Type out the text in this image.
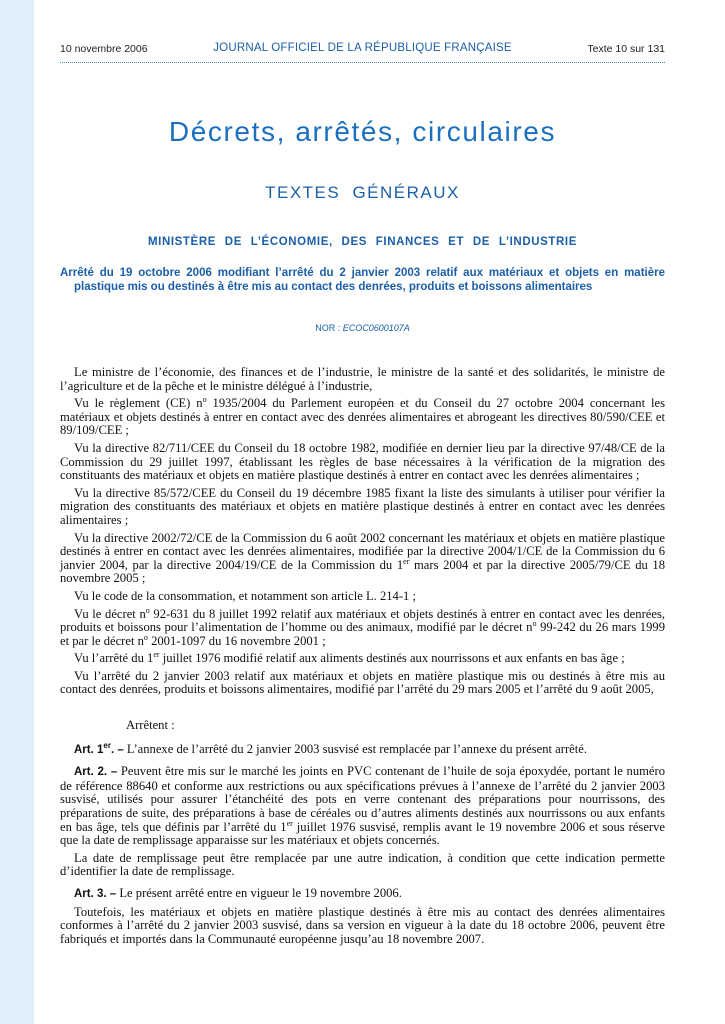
10 novembre 2006	JOURNAL OFFICIEL DE LA RÉPUBLIQUE FRANÇAISE	Texte 10 sur 131
Décrets, arrêtés, circulaires
TEXTES GÉNÉRAUX
MINISTÈRE DE L’ÉCONOMIE, DES FINANCES ET DE L’INDUSTRIE
Arrêté du 19 octobre 2006 modifiant l’arrêté du 2 janvier 2003 relatif aux matériaux et objets en matière plastique mis ou destinés à être mis au contact des denrées, produits et boissons alimentaires
NOR : ECOC0600107A

Le ministre de l’économie, des finances et de l’industrie, le ministre de la santé et des solidarités, le ministre de l’agriculture et de la pêche et le ministre délégué à l’industrie,

Vu le règlement (CE) $n^o$ 1935/2004 du Parlement européen et du Conseil du 27 octobre 2004 concernant les matériaux et objets destinés à entrer en contact avec des denrées alimentaires et abrogeant les directives 80/590/CEE et 89/109/CEE ;

Vu la directive 82/711/CEE du Conseil du 18 octobre 1982, modifiée en dernier lieu par la directive 97/48/CE de la Commission du 29 juillet 1997, établissant les règles de base nécessaires à la vérification de la migration des constituants des matériaux et objets en matière plastique destinés à entrer en contact avec les denrées alimentaires ;

Vu la directive 85/572/CEE du Conseil du 19 décembre 1985 fixant la liste des simulants à utiliser pour vérifier la migration des constituants des matériaux et objets en matière plastique destinés à entrer en contact avec les denrées alimentaires ;

Vu la directive 2002/72/CE de la Commission du 6 août 2002 concernant les matériaux et objets en matière plastique destinés à entrer en contact avec les denrées alimentaires, modifiée par la directive 2004/1/CE de la Commission du 6 janvier 2004, par la directive 2004/19/CE de la Commission du 1er mars 2004 et par la directive 2005/79/CE du 18 novembre 2005 ;

Vu le code de la consommation, et notamment son article L. 214-1 ;

Vu le décret $n^o$ 92-631 du 8 juillet 1992 relatif aux matériaux et objets destinés à entrer en contact avec les denrées, produits et boissons pour l’alimentation de l’homme ou des animaux, modifié par le décret $n^o$ 99-242 du 26 mars 1999 et par le décret $n^o$ 2001-1097 du 16 novembre 2001 ;

Vu l’arrêté du 1er juillet 1976 modifié relatif aux aliments destinés aux nourrissons et aux enfants en bas âge ;

Vu l’arrêté du 2 janvier 2003 relatif aux matériaux et objets en matière plastique mis ou destinés à être mis au contact des denrées, produits et boissons alimentaires, modifié par l’arrêté du 29 mars 2005 et l’arrêté du 9 août 2005,

Arrêtent :

Art. 1er. – L’annexe de l’arrêté du 2 janvier 2003 susvisé est remplacée par l’annexe du présent arrêté.

Art. 2. – Peuvent être mis sur le marché les joints en PVC contenant de l’huile de soja époxydée, portant le numéro de référence 88640 et conforme aux restrictions ou aux spécifications prévues à l’annexe de l’arrêté du 2 janvier 2003 susvisé, utilisés pour assurer l’étanchéité des pots en verre contenant des préparations pour nourrissons, des préparations de suite, des préparations à base de céréales ou d’autres aliments destinés aux nourrissons ou aux enfants en bas âge, tels que définis par l’arrêté du 1er juillet 1976 susvisé, remplis avant le 19 novembre 2006 et sous réserve que la date de remplissage apparaisse sur les matériaux et objets concernés.

La date de remplissage peut être remplacée par une autre indication, à condition que cette indication permette d’identifier la date de remplissage.

Art. 3. – Le présent arrêté entre en vigueur le 19 novembre 2006.

Toutefois, les matériaux et objets en matière plastique destinés à être mis au contact des denrées alimentaires conformes à l’arrêté du 2 janvier 2003 susvisé, dans sa version en vigueur à la date du 18 octobre 2006, peuvent être fabriqués et importés dans la Communauté européenne jusqu’au 18 novembre 2007.
